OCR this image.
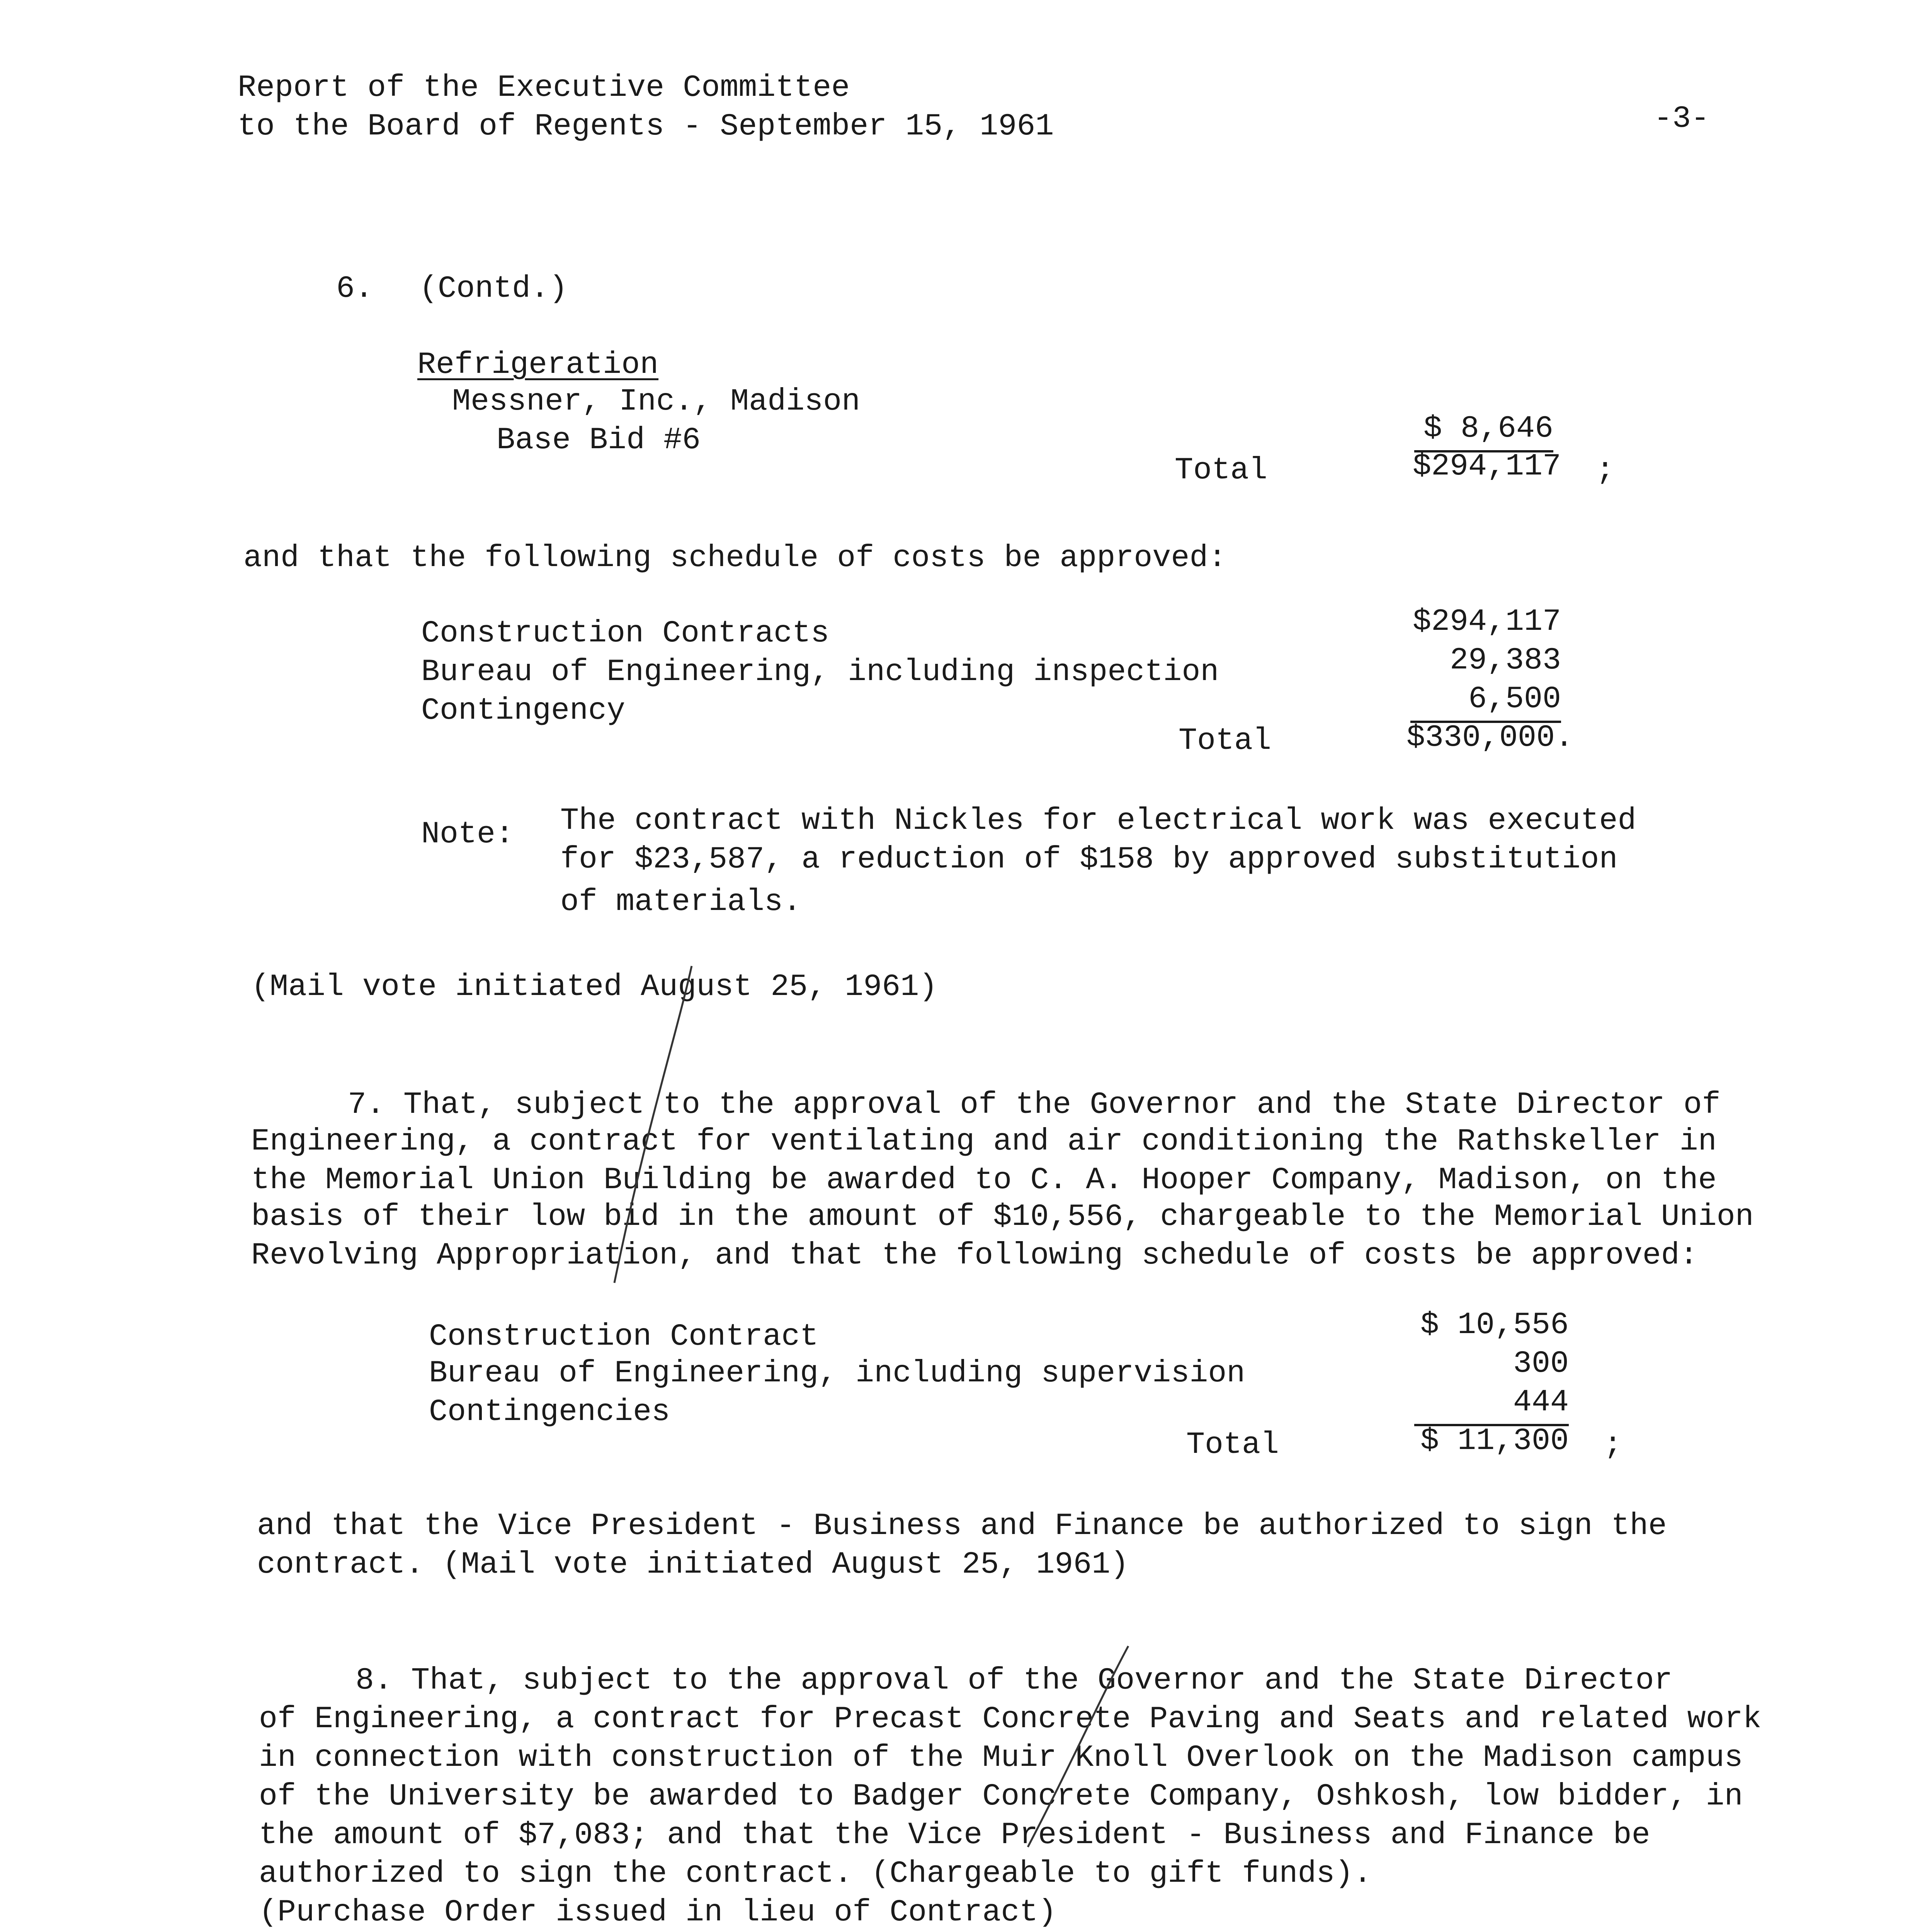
Report of the Executive Committee
to the Board of Regents - September 15, 1961	-3-
6. (Contd.)
Refrigeration
Messner, Inc., Madison
Base Bid #6	$ 8,646
Total	$294,117 ;
and that the following schedule of costs be approved:
Construction Contracts	$294,117
Bureau of Engineering, including inspection	29,383
Contingency	6,500
Total	$330,000.
Note: The contract with Nickles for electrical work was executed
for $23,587, a reduction of $158 by approved substitution
of materials.
(Mail vote initiated August 25, 1961)
7. That, subject to the approval of the Governor and the State Director of
Engineering, a contract for ventilating and air conditioning the Rathskeller in
the Memorial Union Building be awarded to C. A. Hooper Company, Madison, on the
basis of their low bid in the amount of $10,556, chargeable to the Memorial Union
Revolving Appropriation, and that the following schedule of costs be approved:
Construction Contract	$ 10,556
Bureau of Engineering, including supervision	300
Contingencies	444
Total	$ 11,300 ;
and that the Vice President - Business and Finance be authorized to sign the
contract. (Mail vote initiated August 25, 1961)
8. That, subject to the approval of the Governor and the State Director
of Engineering, a contract for Precast Concrete Paving and Seats and related work
in connection with construction of the Muir Knoll Overlook on the Madison campus
of the University be awarded to Badger Concrete Company, Oshkosh, low bidder, in
the amount of $7,083; and that the Vice President - Business and Finance be
authorized to sign the contract. (Chargeable to gift funds).
(Purchase Order issued in lieu of Contract)
